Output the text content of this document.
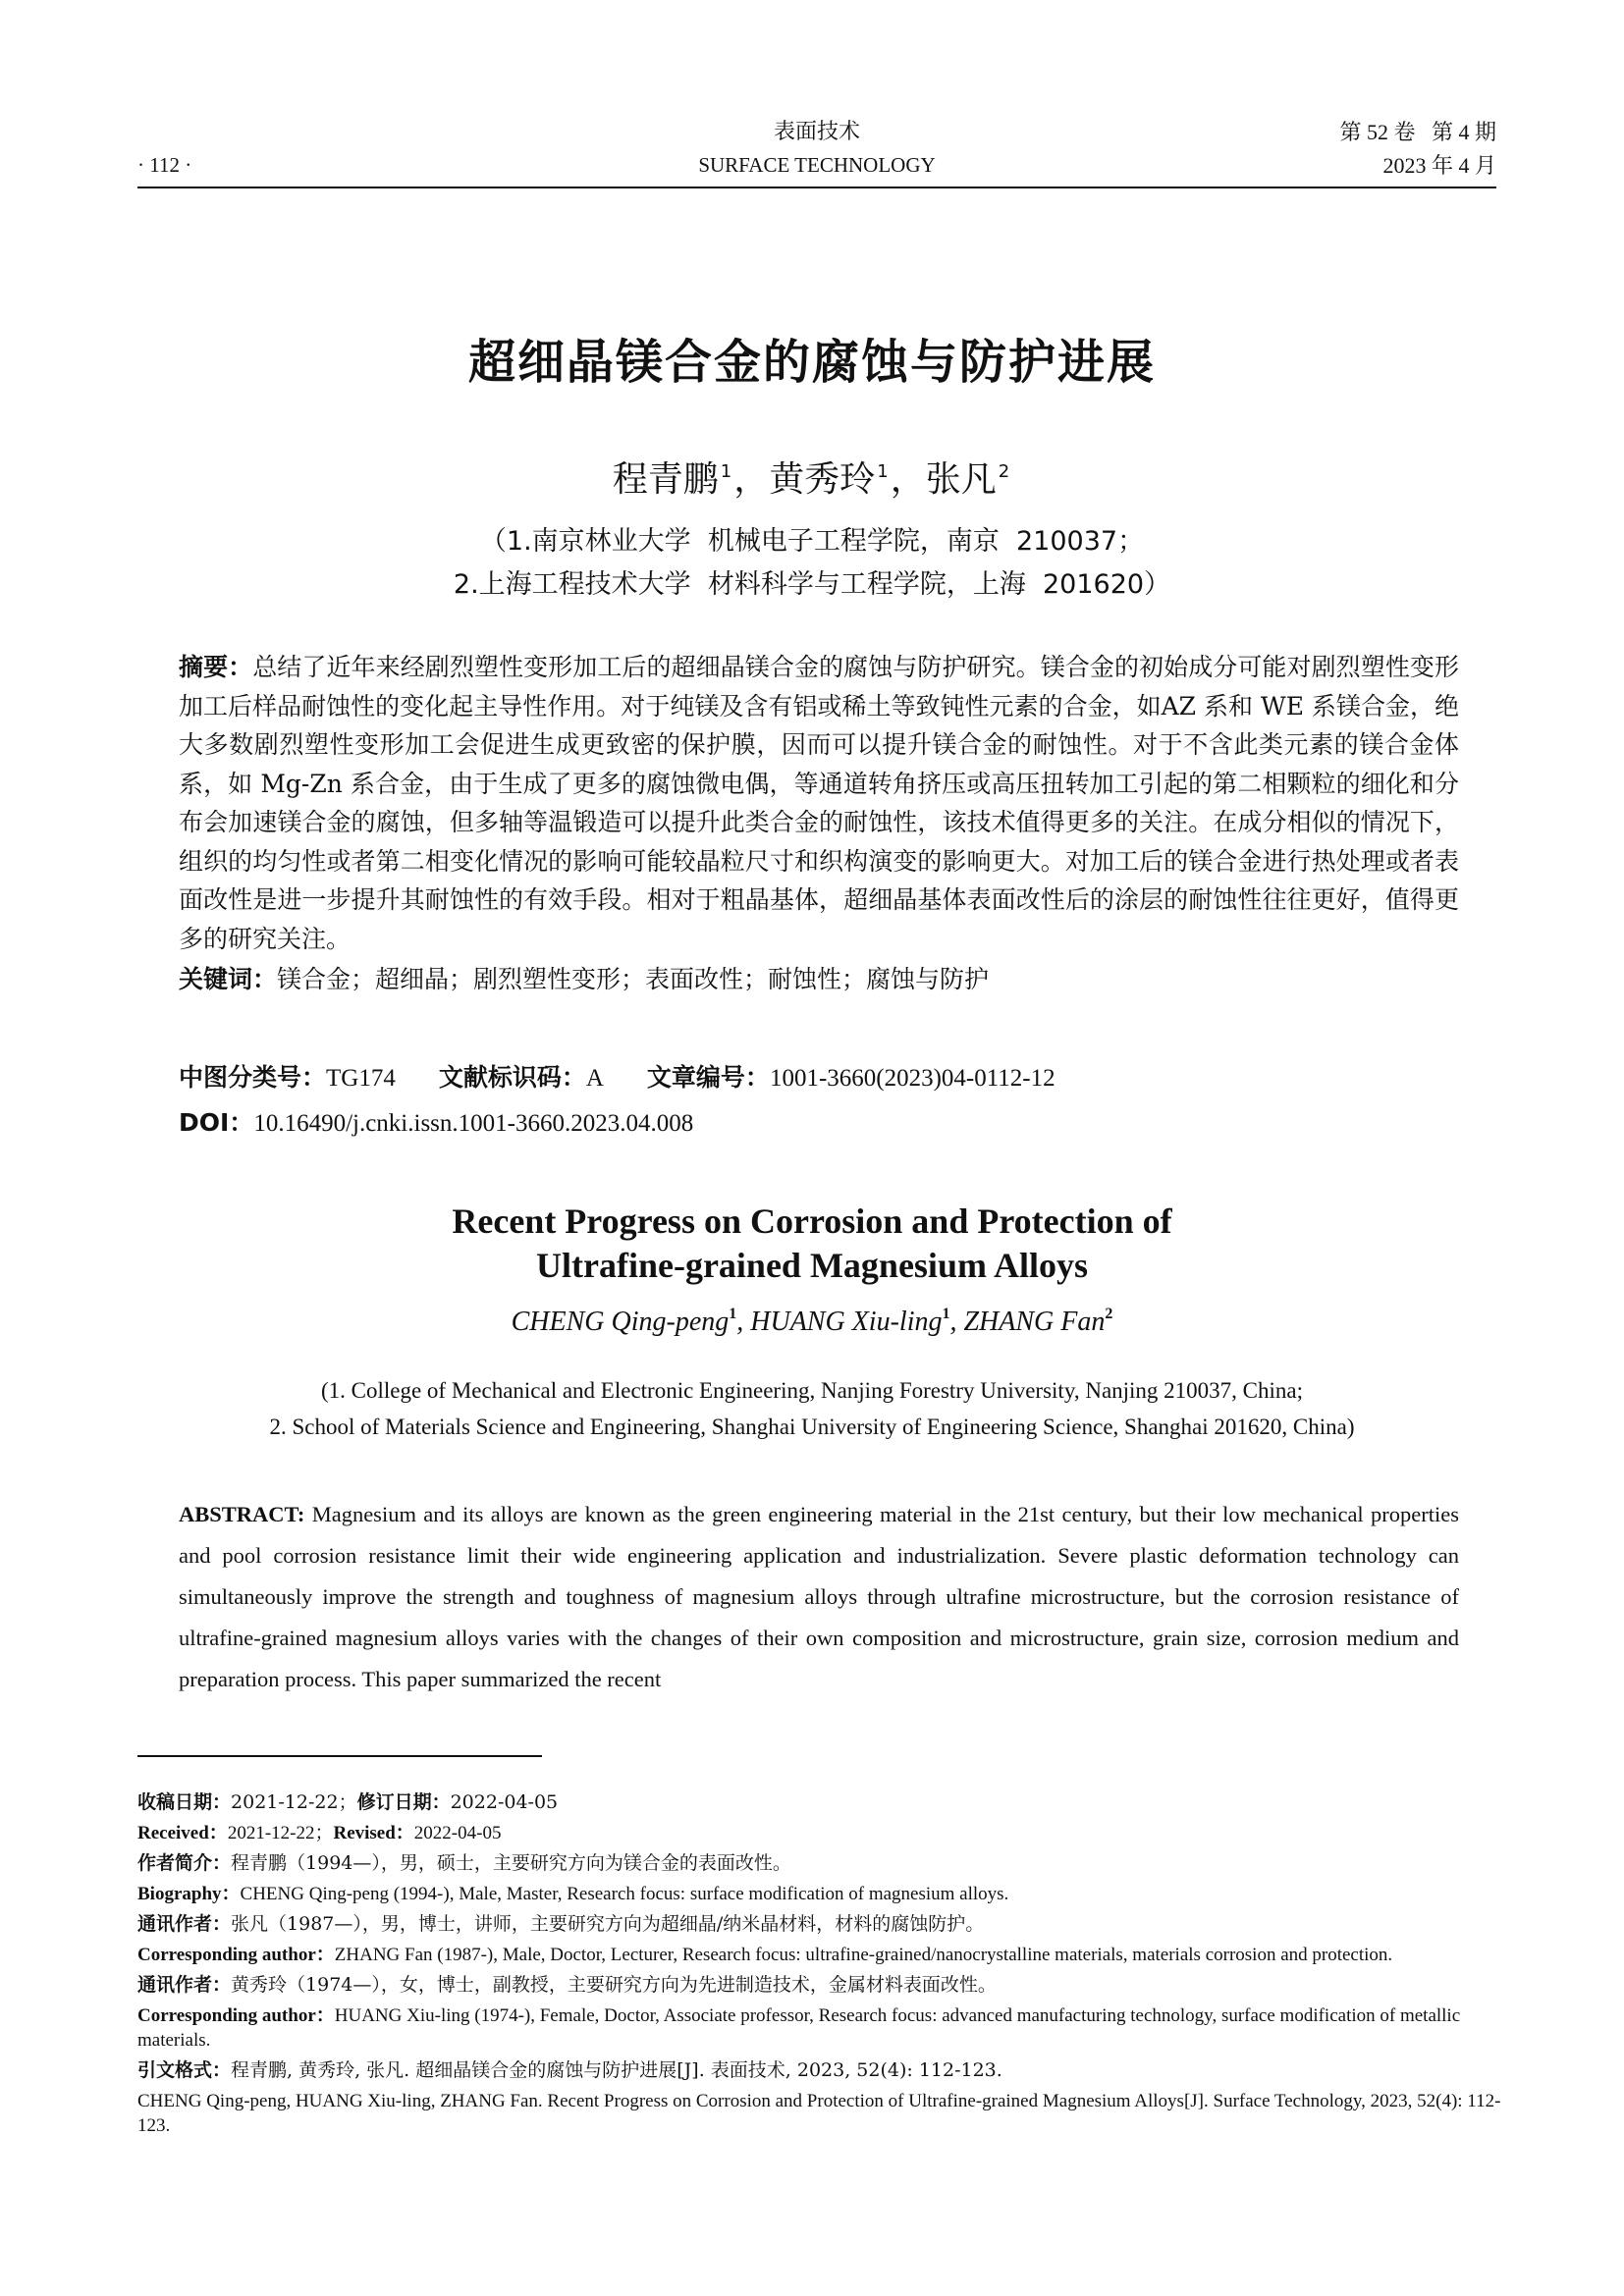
· 112 ·
表面技术
SURFACE TECHNOLOGY
第 52 卷   第 4 期
2023 年 4 月
超细晶镁合金的腐蚀与防护进展
程青鹏 $^1$，黄秀玲 $^1$，张凡 $^2$
（1.南京林业大学  机械电子工程学院，南京  210037；
2.上海工程技术大学  材料科学与工程学院，上海  201620）
摘要：总结了近年来经剧烈塑性变形加工后的超细晶镁合金的腐蚀与防护研究。镁合金的初始成分可能对剧烈塑性变形加工后样品耐蚀性的变化起主导性作用。对于纯镁及含有铝或稀土等致钝性元素的合金，如AZ 系和 WE 系镁合金，绝大多数剧烈塑性变形加工会促进生成更致密的保护膜，因而可以提升镁合金的耐蚀性。对于不含此类元素的镁合金体系，如 Mg-Zn 系合金，由于生成了更多的腐蚀微电偶，等通道转角挤压或高压扭转加工引起的第二相颗粒的细化和分布会加速镁合金的腐蚀，但多轴等温锻造可以提升此类合金的耐蚀性，该技术值得更多的关注。在成分相似的情况下，组织的均匀性或者第二相变化情况的影响可能较晶粒尺寸和织构演变的影响更大。对加工后的镁合金进行热处理或者表面改性是进一步提升其耐蚀性的有效手段。相对于粗晶基体，超细晶基体表面改性后的涂层的耐蚀性往往更好，值得更多的研究关注。
关键词：镁合金；超细晶；剧烈塑性变形；表面改性；耐蚀性；腐蚀与防护
中图分类号：TG174 文献标识码：A 文章编号：1001-3660(2023)04-0112-12
DOI：10.16490/j.cnki.issn.1001-3660.2023.04.008
Recent Progress on Corrosion and Protection of
Ultrafine-grained Magnesium Alloys
CHENG Qing-peng$^1$, HUANG Xiu-ling$^1$, ZHANG Fan$^2$
(1. College of Mechanical and Electronic Engineering, Nanjing Forestry University, Nanjing 210037, China;
2. School of Materials Science and Engineering, Shanghai University of Engineering Science, Shanghai 201620, China)
ABSTRACT: Magnesium and its alloys are known as the green engineering material in the 21st century, but their low mechanical properties and pool corrosion resistance limit their wide engineering application and industrialization. Severe plastic deformation technology can simultaneously improve the strength and toughness of magnesium alloys through ultrafine microstructure, but the corrosion resistance of ultrafine-grained magnesium alloys varies with the changes of their own composition and microstructure, grain size, corrosion medium and preparation process. This paper summarized the recent
收稿日期：2021-12-22；修订日期：2022-04-05
Received：2021-12-22；Revised：2022-04-05
作者简介：程青鹏（1994—），男，硕士，主要研究方向为镁合金的表面改性。
Biography：CHENG Qing-peng (1994-), Male, Master, Research focus: surface modification of magnesium alloys.
通讯作者：张凡（1987—），男，博士，讲师，主要研究方向为超细晶/纳米晶材料，材料的腐蚀防护。
Corresponding author：ZHANG Fan (1987-), Male, Doctor, Lecturer, Research focus: ultrafine-grained/nanocrystalline materials, materials corrosion and protection.
通讯作者：黄秀玲（1974—），女，博士，副教授，主要研究方向为先进制造技术，金属材料表面改性。
Corresponding author：HUANG Xiu-ling (1974-), Female, Doctor, Associate professor, Research focus: advanced manufacturing technology, surface modification of metallic materials.
引文格式：程青鹏, 黄秀玲, 张凡. 超细晶镁合金的腐蚀与防护进展[J]. 表面技术, 2023, 52(4): 112-123.
CHENG Qing-peng, HUANG Xiu-ling, ZHANG Fan. Recent Progress on Corrosion and Protection of Ultrafine-grained Magnesium Alloys[J]. Surface Technology, 2023, 52(4): 112-123.
